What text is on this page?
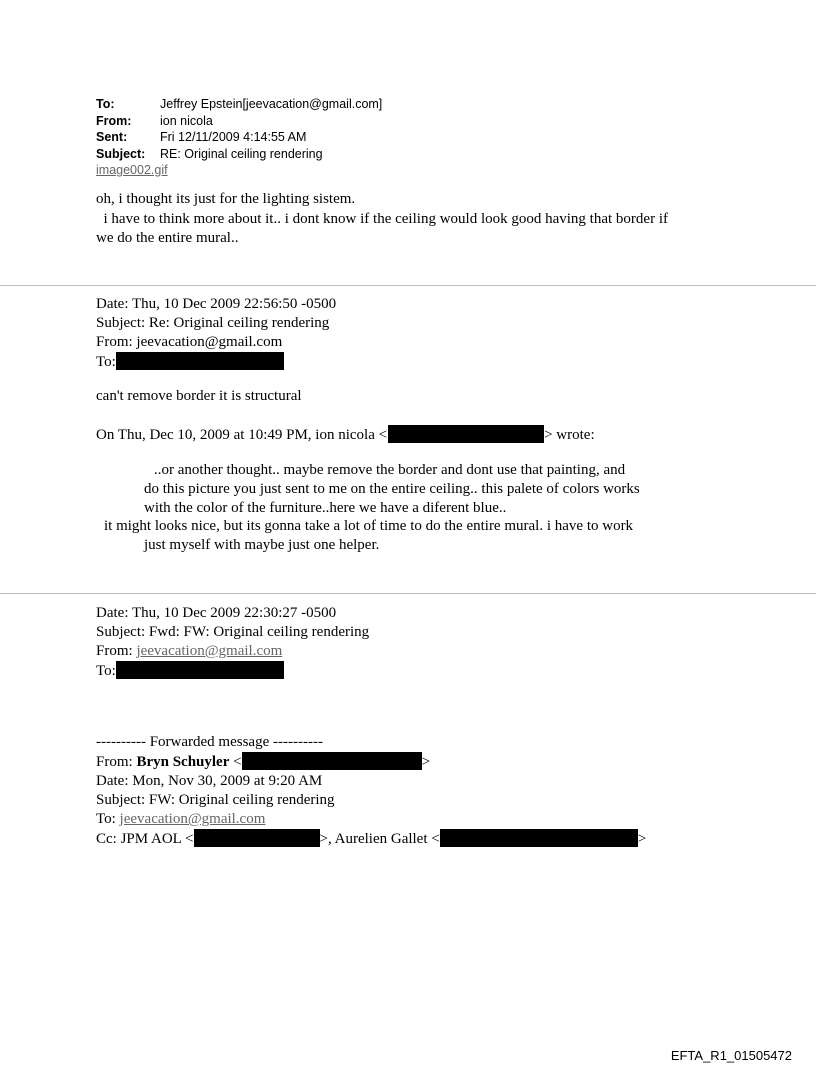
To:	Jeffrey Epstein[jeevacation@gmail.com]
From:	ion nicola
Sent:	Fri 12/11/2009 4:14:55 AM
Subject:	RE: Original ceiling rendering
image002.gif
oh, i thought its just for the lighting sistem.
i have to think more about it.. i dont know if the ceiling would look good having that border if
we do the entire mural..
Date: Thu, 10 Dec 2009 22:56:50 -0500
Subject: Re: Original ceiling rendering
From: jeevacation@gmail.com
To:
can't remove border it is structural
On Thu, Dec 10, 2009 at 10:49 PM, ion nicola <	> wrote:
..or another thought.. maybe remove the border and dont use that painting, and
do this picture you just sent to me on the entire ceiling.. this palete of colors works
with the color of the furniture..here we have a diferent blue..
it might looks nice, but its gonna take a lot of time to do the entire mural. i have to work
just myself with maybe just one helper.
Date: Thu, 10 Dec 2009 22:30:27 -0500
Subject: Fwd: FW: Original ceiling rendering
From: jeevacation@gmail.com
To:
---------- Forwarded message ----------
From: Bryn Schuyler <	>
Date: Mon, Nov 30, 2009 at 9:20 AM
Subject: FW: Original ceiling rendering
To: jeevacation@gmail.com
Cc: JPM AOL <	>, Aurelien Gallet <	>
EFTA_R1_01505472
